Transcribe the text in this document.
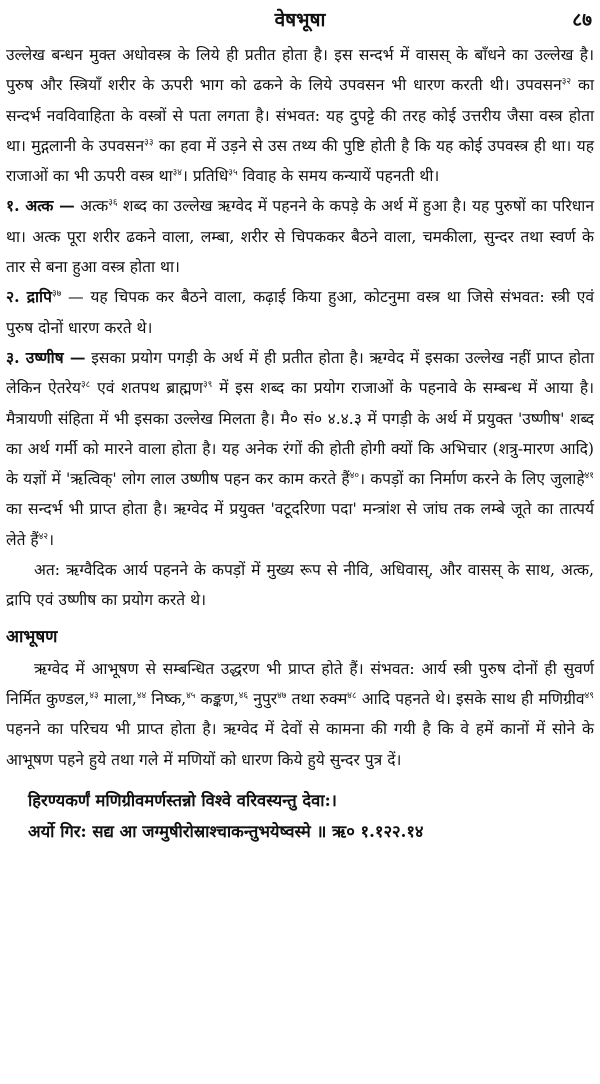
वेषभूषा	८७

उल्लेख बन्धन मुक्त अधोवस्त्र के लिये ही प्रतीत होता है। इस सन्दर्भ में वासस् के बाँधने का उल्लेख है। पुरुष और स्त्रियाँ शरीर के ऊपरी भाग को ढकने के लिये उपवसन भी धारण करती थी। उपवसन$^{३२}$ का सन्दर्भ नवविवाहिता के वस्त्रों से पता लगता है। संभवत: यह दुपट्टे की तरह कोई उत्तरीय जैसा वस्त्र होता था। मुद्गलानी के उपवसन$^{३३}$ का हवा में उड़ने से उस तथ्य की पुष्टि होती है कि यह कोई उपवस्त्र ही था। यह राजाओं का भी ऊपरी वस्त्र था$^{३४}$। प्रतिधि$^{३५}$ विवाह के समय कन्यायें पहनती थी।

१. अत्क — अत्क$^{३६}$ शब्द का उल्लेख ऋग्वेद में पहनने के कपड़े के अर्थ में हुआ है। यह पुरुषों का परिधान था। अत्क पूरा शरीर ढकने वाला, लम्बा, शरीर से चिपककर बैठने वाला, चमकीला, सुन्दर तथा स्वर्ण के तार से बना हुआ वस्त्र होता था।

२. द्रापि$^{३७}$ — यह चिपक कर बैठने वाला, कढ़ाई किया हुआ, कोटनुमा वस्त्र था जिसे संभवत: स्त्री एवं पुरुष दोनों धारण करते थे।

३. उष्णीष — इसका प्रयोग पगड़ी के अर्थ में ही प्रतीत होता है। ऋग्वेद में इसका उल्लेख नहीं प्राप्त होता लेकिन ऐतरेय$^{३८}$ एवं शतपथ ब्राह्मण$^{३९}$ में इस शब्द का प्रयोग राजाओं के पहनावे के सम्बन्ध में आया है। मैत्रायणी संहिता में भी इसका उल्लेख मिलता है। मै० सं० ४.४.३ में पगड़ी के अर्थ में प्रयुक्त 'उष्णीष' शब्द का अर्थ गर्मी को मारने वाला होता है। यह अनेक रंगों की होती होगी क्यों कि अभिचार (शत्रु-मारण आदि) के यज्ञों में 'ऋत्विक्' लोग लाल उष्णीष पहन कर काम करते हैं$^{४०}$। कपड़ों का निर्माण करने के लिए जुलाहे$^{४१}$ का सन्दर्भ भी प्राप्त होता है। ऋग्वेद में प्रयुक्त 'वटूदरिणा पदा' मन्त्रांश से जांघ तक लम्बे जूते का तात्पर्य लेते हैं$^{४२}$।

अत: ऋग्वैदिक आर्य पहनने के कपड़ों में मुख्य रूप से नीवि, अधिवास्, और वासस् के साथ, अत्क, द्रापि एवं उष्णीष का प्रयोग करते थे।

आभूषण

ऋग्वेद में आभूषण से सम्बन्धित उद्धरण भी प्राप्त होते हैं। संभवत: आर्य स्त्री पुरुष दोनों ही सुवर्ण निर्मित कुण्डल,$^{४३}$ माला,$^{४४}$ निष्क,$^{४५}$ कङ्कण,$^{४६}$ नुपुर$^{४७}$ तथा रुक्म$^{४८}$ आदि पहनते थे। इसके साथ ही मणिग्रीव$^{४९}$ पहनने का परिचय भी प्राप्त होता है। ऋग्वेद में देवों से कामना की गयी है कि वे हमें कानों में सोने के आभूषण पहने हुये तथा गले में मणियों को धारण किये हुये सुन्दर पुत्र दें।

हिरण्यकर्णं मणिग्रीवमर्णस्तन्नो विश्वे वरिवस्यन्तु देवा:।
अर्यो गिर: सद्य आ जग्मुषीरोस्राश्चाकन्तुभयेष्वस्मे ॥ ऋ० १.१२२.१४
